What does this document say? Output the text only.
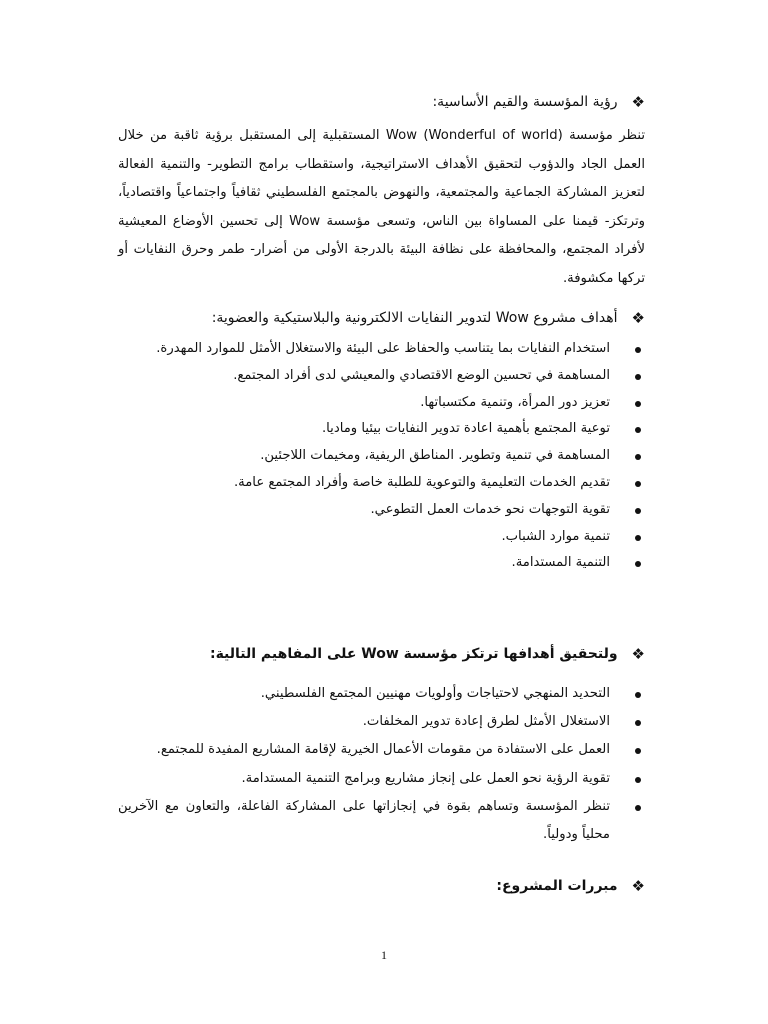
❖
رؤية المؤسسة والقيم الأساسية:

تنظر مؤسسة (Wow (Wonderful of world المستقبلية إلى المستقبل برؤية ثاقبة من خلال العمل الجاد والدؤوب لتحقيق الأهداف الاستراتيجية، واستقطاب برامج التطوير- والتنمية الفعالة لتعزيز المشاركة الجماعية والمجتمعية، والنهوض بالمجتمع الفلسطيني ثقافياً واجتماعياً واقتصادياً، وترتكز- قيمنا على المساواة بين الناس، وتسعى مؤسسة Wow إلى تحسين الأوضاع المعيشية لأفراد المجتمع، والمحافظة على نظافة البيئة بالدرجة الأولى من أضرار- طمر وحرق النفايات أو تركها مكشوفة.

❖
أهداف مشروع Wow لتدوير النفايات الالكترونية والبلاستيكية والعضوية:
استخدام النفايات بما يتناسب والحفاظ على البيئة والاستغلال الأمثل للموارد المهدرة.
المساهمة في تحسين الوضع الاقتصادي والمعيشي لدى أفراد المجتمع.
تعزيز دور المرأة، وتنمية مكتسباتها.
توعية المجتمع بأهمية اعادة تدوير النفايات بيئيا وماديا.
المساهمة في تنمية وتطوير. المناطق الريفية، ومخيمات اللاجئين.
تقديم الخدمات التعليمية والتوعوية للطلبة خاصة وأفراد المجتمع عامة.
تقوية التوجهات نحو خدمات العمل التطوعي.
تنمية موارد الشباب.
التنمية المستدامة.
❖
ولتحقيق أهدافها ترتكز مؤسسة Wow على المفاهيم التالية:
التحديد المنهجي لاحتياجات وأولويات مهنيين المجتمع الفلسطيني.
الاستغلال الأمثل لطرق إعادة تدوير المخلفات.
العمل على الاستفادة من مقومات الأعمال الخيرية لإقامة المشاريع المفيدة للمجتمع.
تقوية الرؤية نحو العمل على إنجاز مشاريع وبرامج التنمية المستدامة.
تنظر المؤسسة وتساهم بقوة في إنجازاتها على المشاركة الفاعلة، والتعاون مع الآخرين محلياً ودولياً.
❖
مبررات المشروع:
1
